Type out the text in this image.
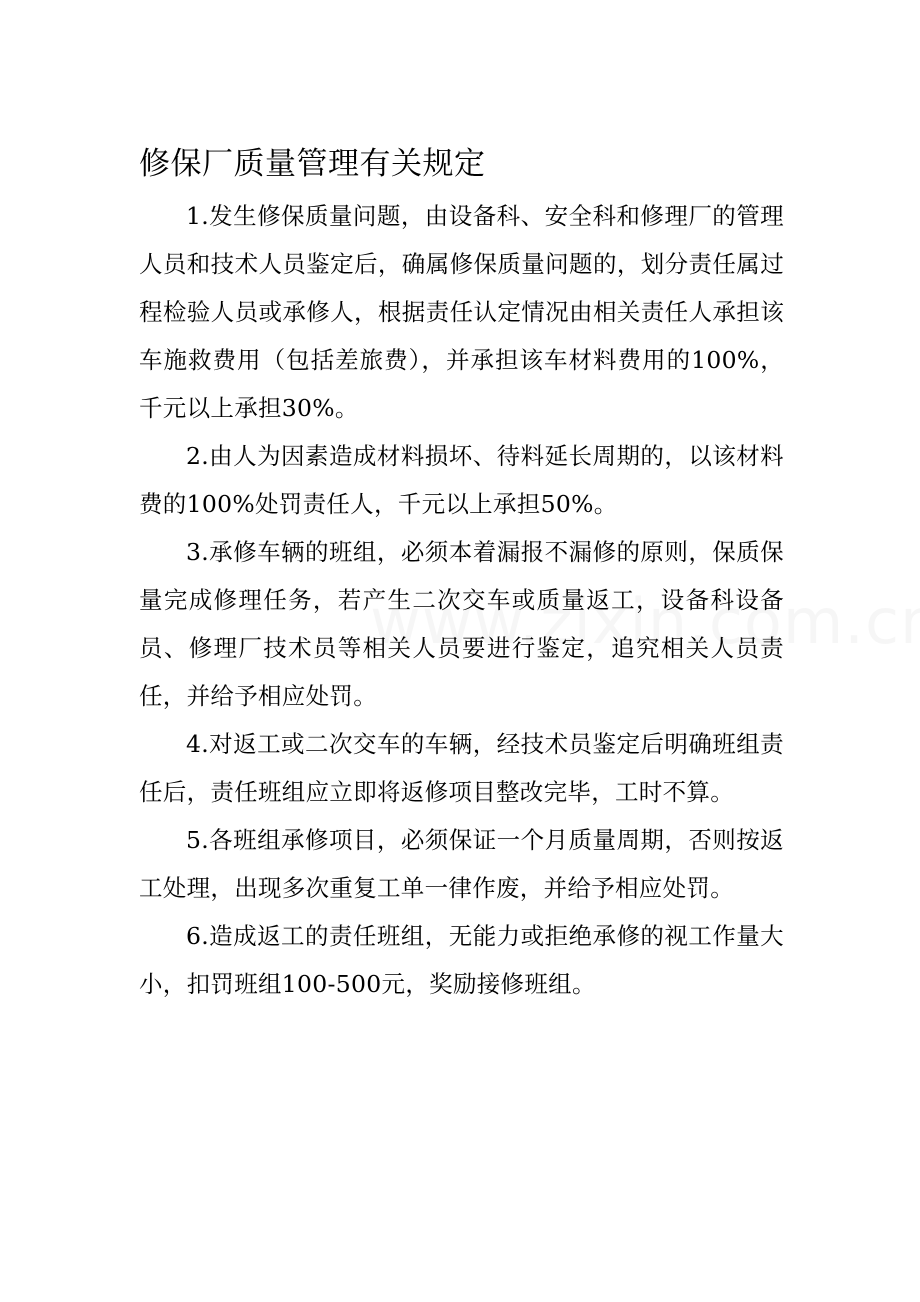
修保厂质量管理有关规定

1.发生修保质量问题，由设备科、安全科和修理厂的管理人员和技术人员鉴定后，确属修保质量问题的，划分责任属过程检验人员或承修人，根据责任认定情况由相关责任人承担该车施救费用（包括差旅费），并承担该车材料费用的100%，千元以上承担30%。

2.由人为因素造成材料损坏、待料延长周期的，以该材料费的100%处罚责任人，千元以上承担50%。

3.承修车辆的班组，必须本着漏报不漏修的原则，保质保量完成修理任务，若产生二次交车或质量返工，设备科设备员、修理厂技术员等相关人员要进行鉴定，追究相关人员责任，并给予相应处罚。

4.对返工或二次交车的车辆，经技术员鉴定后明确班组责任后，责任班组应立即将返修项目整改完毕，工时不算。

5.各班组承修项目，必须保证一个月质量周期，否则按返工处理，出现多次重复工单一律作废，并给予相应处罚。

6.造成返工的责任班组，无能力或拒绝承修的视工作量大小，扣罚班组100-500元，奖励接修班组。
